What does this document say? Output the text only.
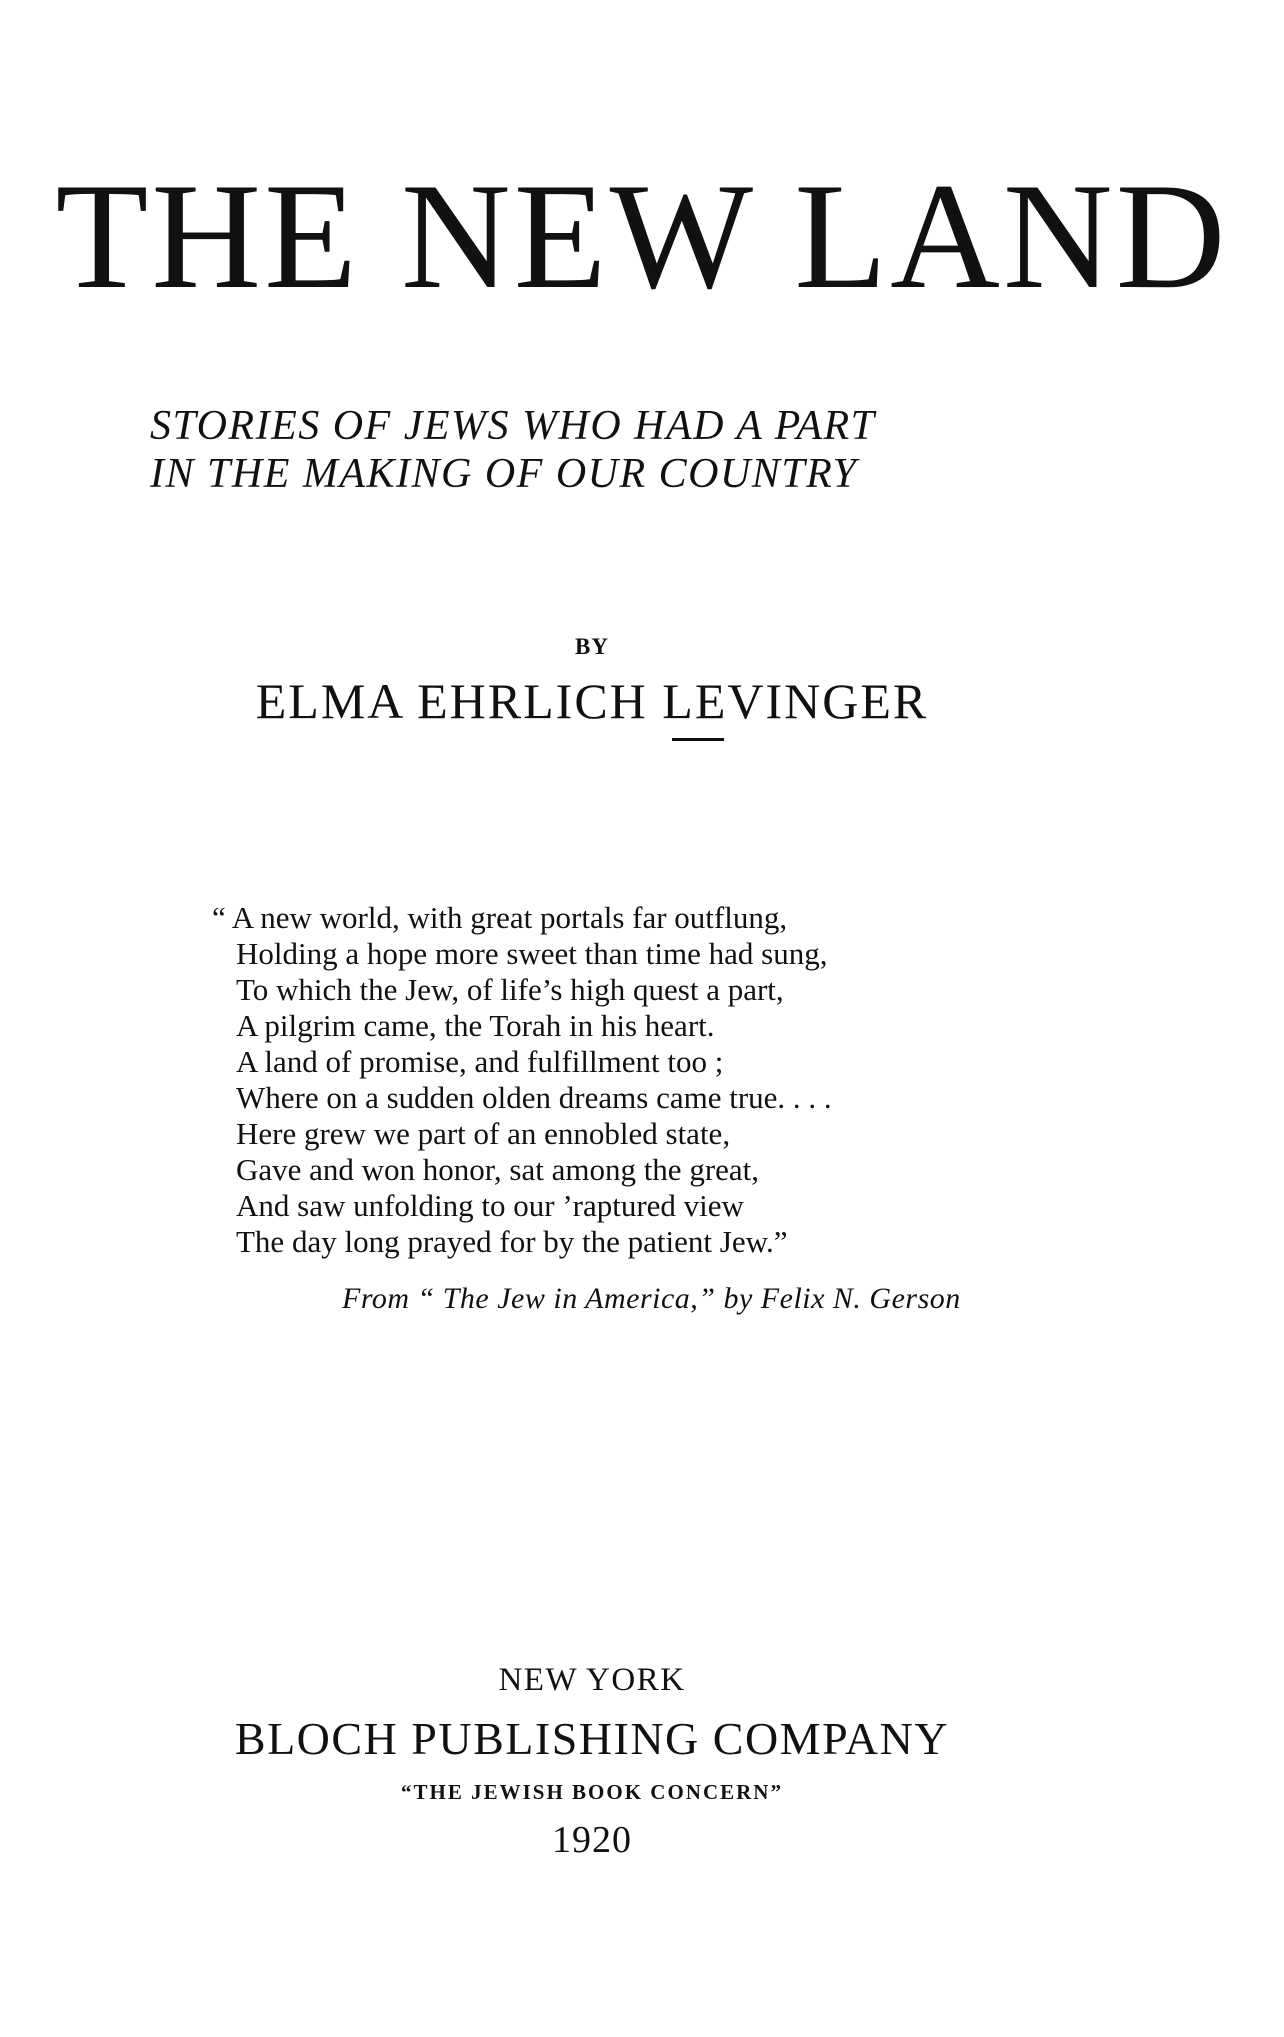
THE NEW LAND
STORIES OF JEWS WHO HAD A PART
IN THE MAKING OF OUR COUNTRY
BY
ELMA EHRLICH LEVINGER
“ A new world, with great portals far outflung,
Holding a hope more sweet than time had sung,
To which the Jew, of life’s high quest a part,
A pilgrim came, the Torah in his heart.
A land of promise, and fulfillment too ;
Where on a sudden olden dreams came true. . . .
Here grew we part of an ennobled state,
Gave and won honor, sat among the great,
And saw unfolding to our ’raptured view
The day long prayed for by the patient Jew.”
From “ The Jew in America,” by Felix N. Gerson
NEW YORK
BLOCH PUBLISHING COMPANY
“THE JEWISH BOOK CONCERN”
1920
